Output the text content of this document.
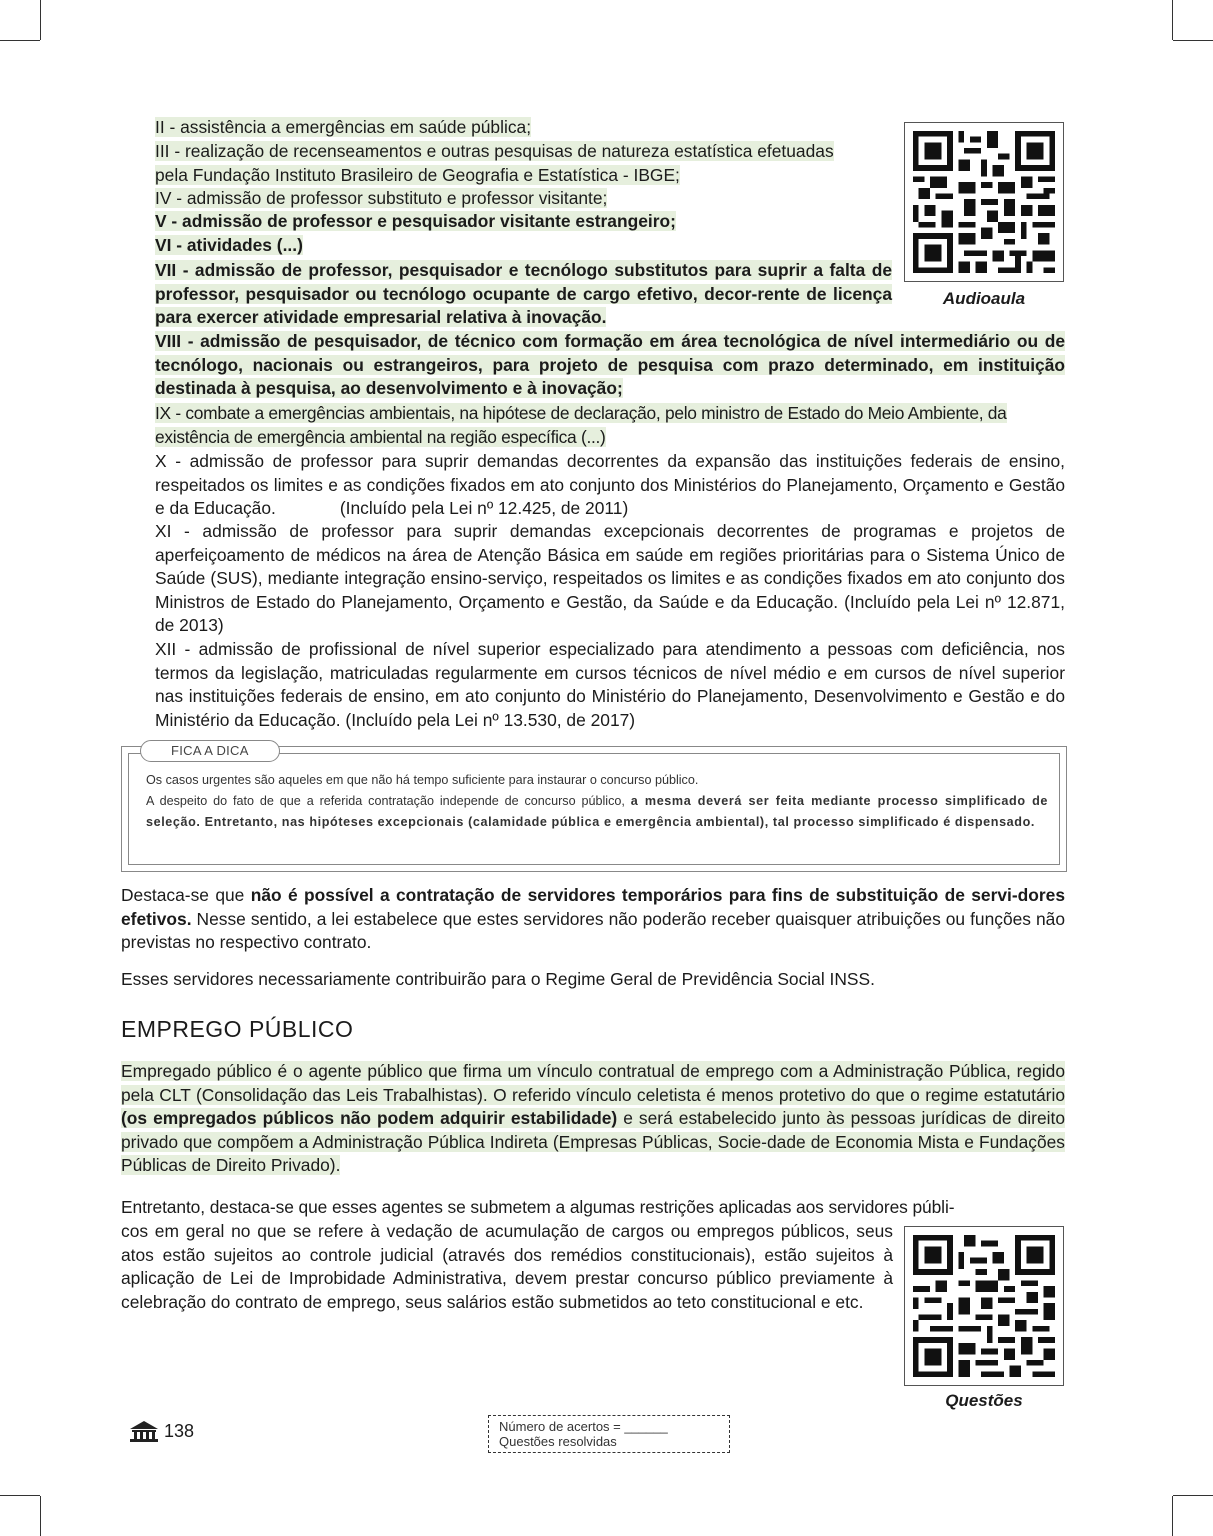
II - assistência a emergências em saúde pública;

III - realização de recenseamentos e outras pesquisas de natureza estatística efetuadas
pela Fundação Instituto Brasileiro de Geografia e Estatística - IBGE;

IV - admissão de professor substituto e professor visitante;

V - admissão de professor e pesquisador visitante estrangeiro;

VI - atividades (...)

VII - admissão de professor, pesquisador e tecnólogo substitutos para suprir a falta de professor, pesquisador ou tecnólogo ocupante de cargo efetivo, decor-rente de licença para exercer atividade empresarial relativa à inovação.

VIII - admissão de pesquisador, de técnico com formação em área tecnológica de nível intermediário ou de tecnólogo, nacionais ou estrangeiros, para projeto de pesquisa com prazo determinado, em instituição destinada à pesquisa, ao desenvolvimento e à inovação;

IX - combate a emergências ambientais, na hipótese de declaração, pelo ministro de Estado do Meio Ambiente, da existência de emergência ambiental na região específica (...)

X - admissão de professor para suprir demandas decorrentes da expansão das instituições federais de ensino, respeitados os limites e as condições fixados em ato conjunto dos Ministérios do Planejamento, Orçamento e Gestão e da Educação.	(Incluído pela Lei nº 12.425, de 2011)

XI - admissão de professor para suprir demandas excepcionais decorrentes de programas e projetos de aperfeiçoamento de médicos na área de Atenção Básica em saúde em regiões prioritárias para o Sistema Único de Saúde (SUS), mediante integração ensino-serviço, respeitados os limites e as condições fixados em ato conjunto dos Ministros de Estado do Planejamento, Orçamento e Gestão, da Saúde e da Educação. (Incluído pela Lei nº 12.871, de 2013)

XII - admissão de profissional de nível superior especializado para atendimento a pessoas com deficiência, nos termos da legislação, matriculadas regularmente em cursos técnicos de nível médio e em cursos de nível superior nas instituições federais de ensino, em ato conjunto do Ministério do Planejamento, Desenvolvimento e Gestão e do Ministério da Educação. (Incluído pela Lei nº 13.530, de 2017)

Audioaula
FICA A DICA
Os casos urgentes são aqueles em que não há tempo suficiente para instaurar o concurso público.
A despeito do fato de que a referida contratação independe de concurso público, a mesma deverá ser feita mediante processo simplificado de seleção. Entretanto, nas hipóteses excepcionais (calamidade pública e emergência ambiental), tal processo simplificado é dispensado.

Destaca-se que não é possível a contratação de servidores temporários para fins de substituição de servi-dores efetivos. Nesse sentido, a lei estabelece que estes servidores não poderão receber quaisquer atribuições ou funções não previstas no respectivo contrato.

Esses servidores necessariamente contribuirão para o Regime Geral de Previdência Social INSS.

EMPREGO PÚBLICO

Empregado público é o agente público que firma um vínculo contratual de emprego com a Administração Pública, regido pela CLT (Consolidação das Leis Trabalhistas). O referido vínculo celetista é menos protetivo do que o regime estatutário (os empregados públicos não podem adquirir estabilidade) e será estabelecido junto às pessoas jurídicas de direito privado que compõem a Administração Pública Indireta (Empresas Públicas, Socie-dade de Economia Mista e Fundações Públicas de Direito Privado).

Entretanto, destaca-se que esses agentes se submetem a algumas restrições aplicadas aos servidores públi-

cos em geral no que se refere à vedação de acumulação de cargos ou empregos públicos, seus atos estão sujeitos ao controle judicial (através dos remédios constitucionais), estão sujeitos à aplicação de Lei de Improbidade Administrativa, devem prestar concurso público previamente à celebração do contrato de emprego, seus salários estão submetidos ao teto constitucional e etc.

Questões
138	Número de acertos = ______
Questões resolvidas
